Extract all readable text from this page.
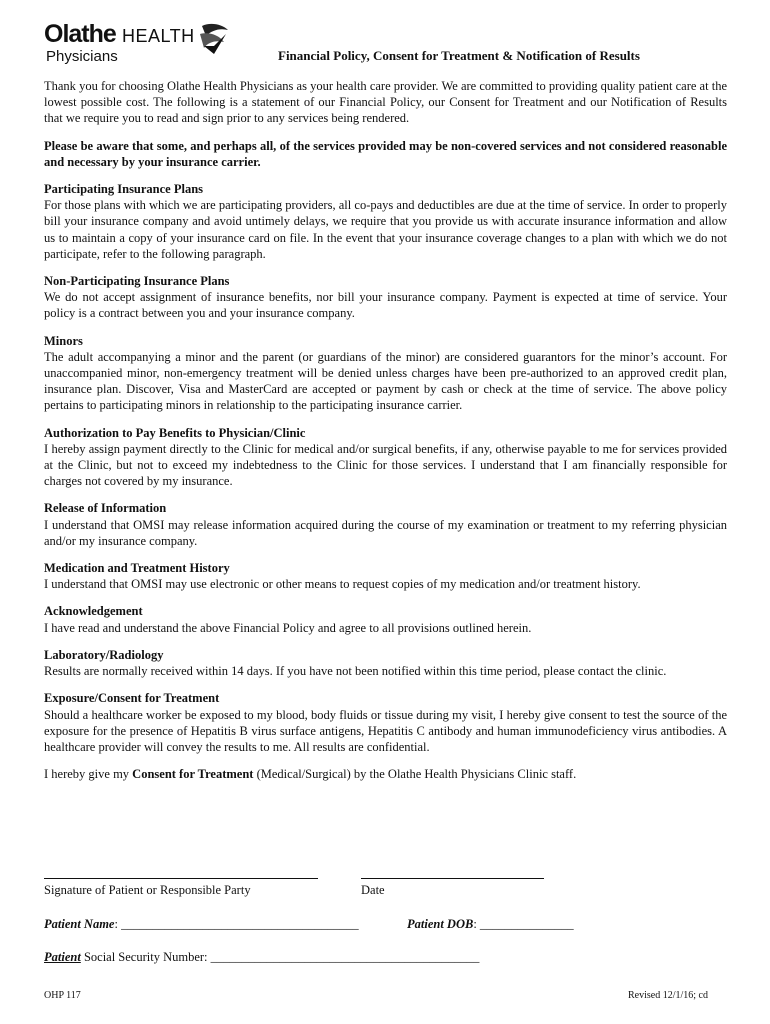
Olathe HEALTH
Physicians	Financial Policy, Consent for Treatment & Notification of Results

Thank you for choosing Olathe Health Physicians as your health care provider. We are committed to providing quality patient care at the lowest possible cost. The following is a statement of our Financial Policy, our Consent for Treatment and our Notification of Results that we require you to read and sign prior to any services being rendered.

Please be aware that some, and perhaps all, of the services provided may be non-covered services and not considered reasonable and necessary by your insurance carrier.

Participating Insurance Plans
For those plans with which we are participating providers, all co-pays and deductibles are due at the time of service. In order to properly bill your insurance company and avoid untimely delays, we require that you provide us with accurate insurance information and allow us to maintain a copy of your insurance card on file. In the event that your insurance coverage changes to a plan with which we do not participate, refer to the following paragraph.
Non-Participating Insurance Plans
We do not accept assignment of insurance benefits, nor bill your insurance company. Payment is expected at time of service. Your policy is a contract between you and your insurance company.
Minors
The adult accompanying a minor and the parent (or guardians of the minor) are considered guarantors for the minor’s account. For unaccompanied minor, non-emergency treatment will be denied unless charges have been pre-authorized to an approved credit plan, insurance plan. Discover, Visa and MasterCard are accepted or payment by cash or check at the time of service. The above policy pertains to participating minors in relationship to the participating insurance carrier.
Authorization to Pay Benefits to Physician/Clinic
I hereby assign payment directly to the Clinic for medical and/or surgical benefits, if any, otherwise payable to me for services provided at the Clinic, but not to exceed my indebtedness to the Clinic for those services. I understand that I am financially responsible for charges not covered by my insurance.
Release of Information
I understand that OMSI may release information acquired during the course of my examination or treatment to my referring physician and/or my insurance company.
Medication and Treatment History
I understand that OMSI may use electronic or other means to request copies of my medication and/or treatment history.
Acknowledgement
I have read and understand the above Financial Policy and agree to all provisions outlined herein.
Laboratory/Radiology
Results are normally received within 14 days. If you have not been notified within this time period, please contact the clinic.
Exposure/Consent for Treatment
Should a healthcare worker be exposed to my blood, body fluids or tissue during my visit, I hereby give consent to test the source of the exposure for the presence of Hepatitis B virus surface antigens, Hepatitis C antibody and human immunodeficiency virus antibodies. A healthcare provider will convey the results to me. All results are confidential.

I hereby give my Consent for Treatment (Medical/Surgical) by the Olathe Health Physicians Clinic staff.

Signature of Patient or Responsible Party	Date
Patient Name: ______________________________________	Patient DOB: _______________
Patient Social Security Number: ___________________________________________
OHP 117	Revised 12/1/16; cd
